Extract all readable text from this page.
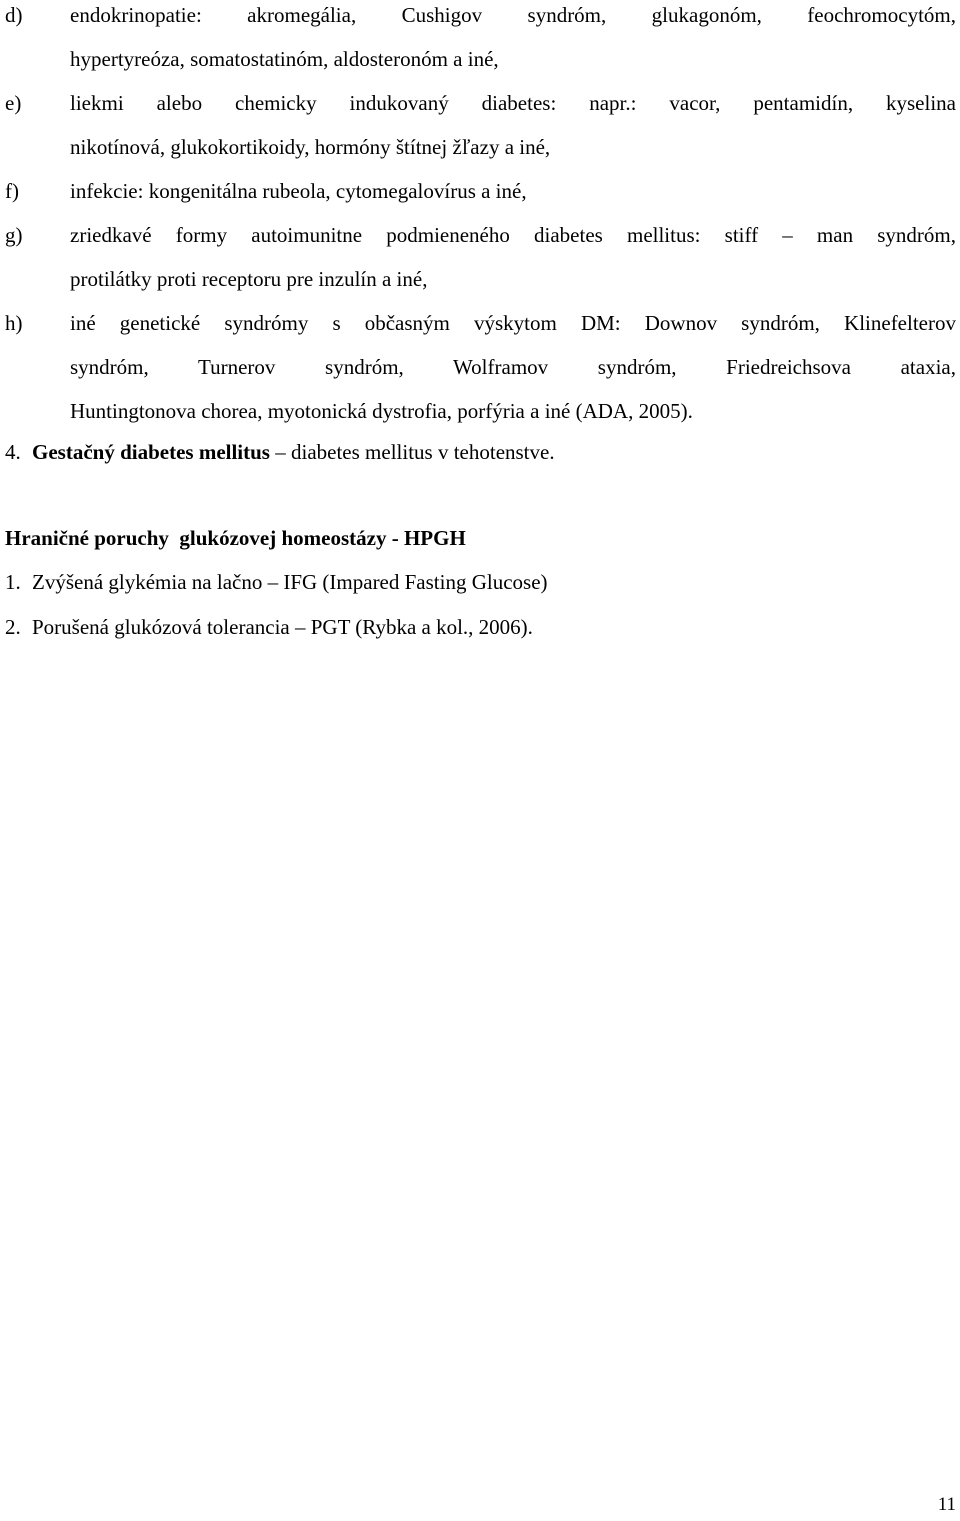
d) endokrinopatie: akromegália, Cushigov syndróm, glukagonóm, feochromocytóm,
hypertyreóza, somatostatinóm, aldosteronóm a iné,
e) liekmi alebo chemicky indukovaný diabetes: napr.: vacor, pentamidín, kyselina
nikotínová, glukokortikoidy, hormóny štítnej žľazy a iné,
f) infekcie: kongenitálna rubeola, cytomegalovírus a iné,
g) zriedkavé formy autoimunitne podmieneného diabetes mellitus: stiff – man syndróm,
protilátky proti receptoru pre inzulín a iné,
h) iné genetické syndrómy s občasným výskytom DM: Downov syndróm, Klinefelterov
syndróm, Turnerov syndróm, Wolframov syndróm, Friedreichsova ataxia,
Huntingtonova chorea, myotonická dystrofia, porfýria a iné (ADA, 2005).
4. Gestačný diabetes mellitus – diabetes mellitus v tehotenstve.
Hraničné poruchy  glukózovej homeostázy - HPGH
1. Zvýšená glykémia na lačno – IFG (Impared Fasting Glucose)
2. Porušená glukózová tolerancia – PGT (Rybka a kol., 2006).
11
